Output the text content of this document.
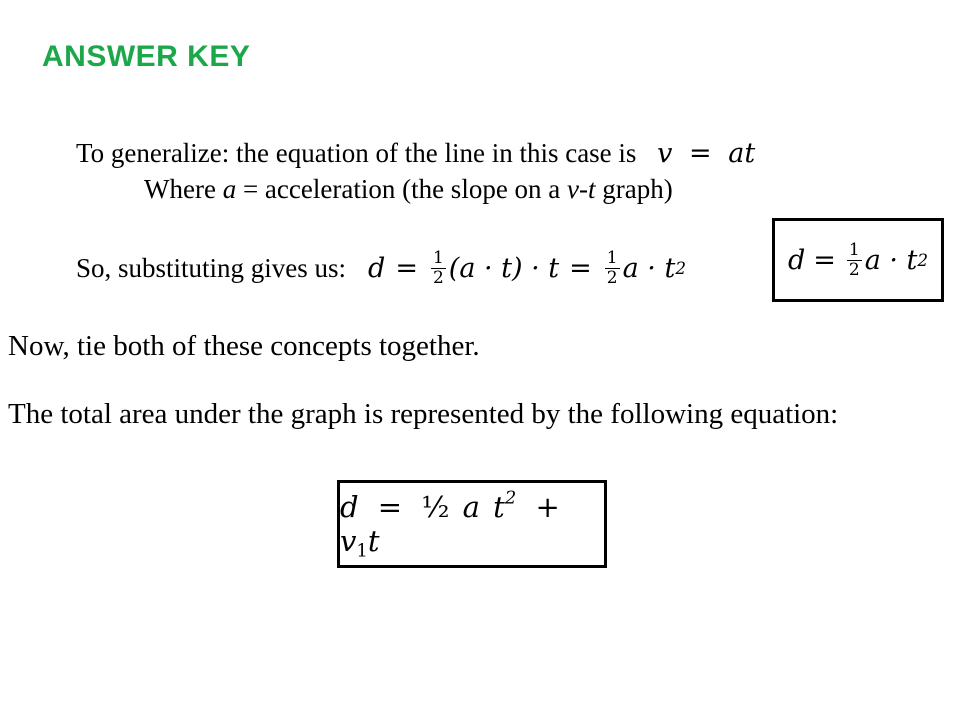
ANSWER KEY
To generalize: the equation of the line in this case is v = at
Where a = acceleration (the slope on a v-t graph)
So, substituting gives us: $d = \frac{1}{2} (a \cdot t) \cdot t = \frac{1}{2}$ a · t 2	$d = \frac{1}{2}$ a · t 2
Now, tie both of these concepts together.
The total area under the graph is represented by the following equation:
d = ½ a $t^2 + v_1t$
